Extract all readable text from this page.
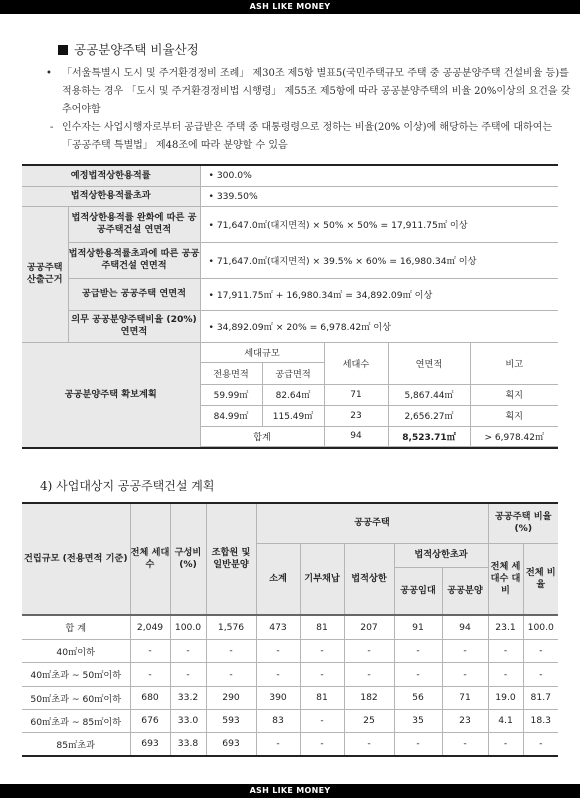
ASH LIKE MONEY
공공분양주택 비율산정
• 「서울특별시 도시 및 주거환경정비 조례」 제30조 제5항 별표5(국민주택규모 주택 중 공공분양주택 건설비율 등)를 적용하는 경우 「도시 및 주거환경정비법 시행령」 제55조 제5항에 따라 공공분양주택의 비율 20%이상의 요건을 갖추어야함
- 인수자는 사업시행자로부터 공급받은 주택 중 대통령령으로 정하는 비율(20% 이상)에 해당하는 주택에 대하여는 「공공주택 특별법」 제48조에 따라 분양할 수 있음
예정법적상한용적률		• 300.0%				
법적상한용적률초과		• 339.50%				
공공주택 산출근거	법적상한용적률 완화에 따른 공공주택건설 연면적	• 71,647.0㎡(대지면적) × 50% × 50% = 17,911.75㎡ 이상				
	법적상한용적률초과에 따른 공공주택건설 연면적	• 71,647.0㎡(대지면적) × 39.5% × 60% = 16,980.34㎡ 이상				
	공급받는 공공주택 연면적	• 17,911.75㎡ + 16,980.34㎡ = 34,892.09㎡ 이상				
	의무 공공분양주택비율 (20%) 연면적	• 34,892.09㎡ × 20% = 6,978.42㎡ 이상				
공공분양주택 확보계획		세대규모		세대수	연면적	비고
		전용면적	공급면적			
		59.99㎡	82.64㎡	71	5,867.44㎡	획지
		84.99㎡	115.49㎡	23	2,656.27㎡	획지
		합계		94	8,523.71㎡	> 6,978.42㎡

4) 사업대상지 공공주택건설 계획
건립규모 (전용면적 기준)	전체 세대수	구성비 (%)	조합원 및 일반분양	공공주택					공공주택 비율(%)	
				소계	기부채납	법적상한	법적상한초과		전체 세대수 대비	전체 비율
							공공임대	공공분양		
합 계	2,049	100.0	1,576	473	81	207	91	94	23.1	100.0
40㎡이하	-	-	-	-	-	-	-	-	-	-
40㎡초과 ~ 50㎡이하	-	-	-	-	-	-	-	-	-	-
50㎡초과 ~ 60㎡이하	680	33.2	290	390	81	182	56	71	19.0	81.7
60㎡초과 ~ 85㎡이하	676	33.0	593	83	-	25	35	23	4.1	18.3
85㎡초과	693	33.8	693	-	-	-	-	-	-	-
ASH LIKE MONEY
